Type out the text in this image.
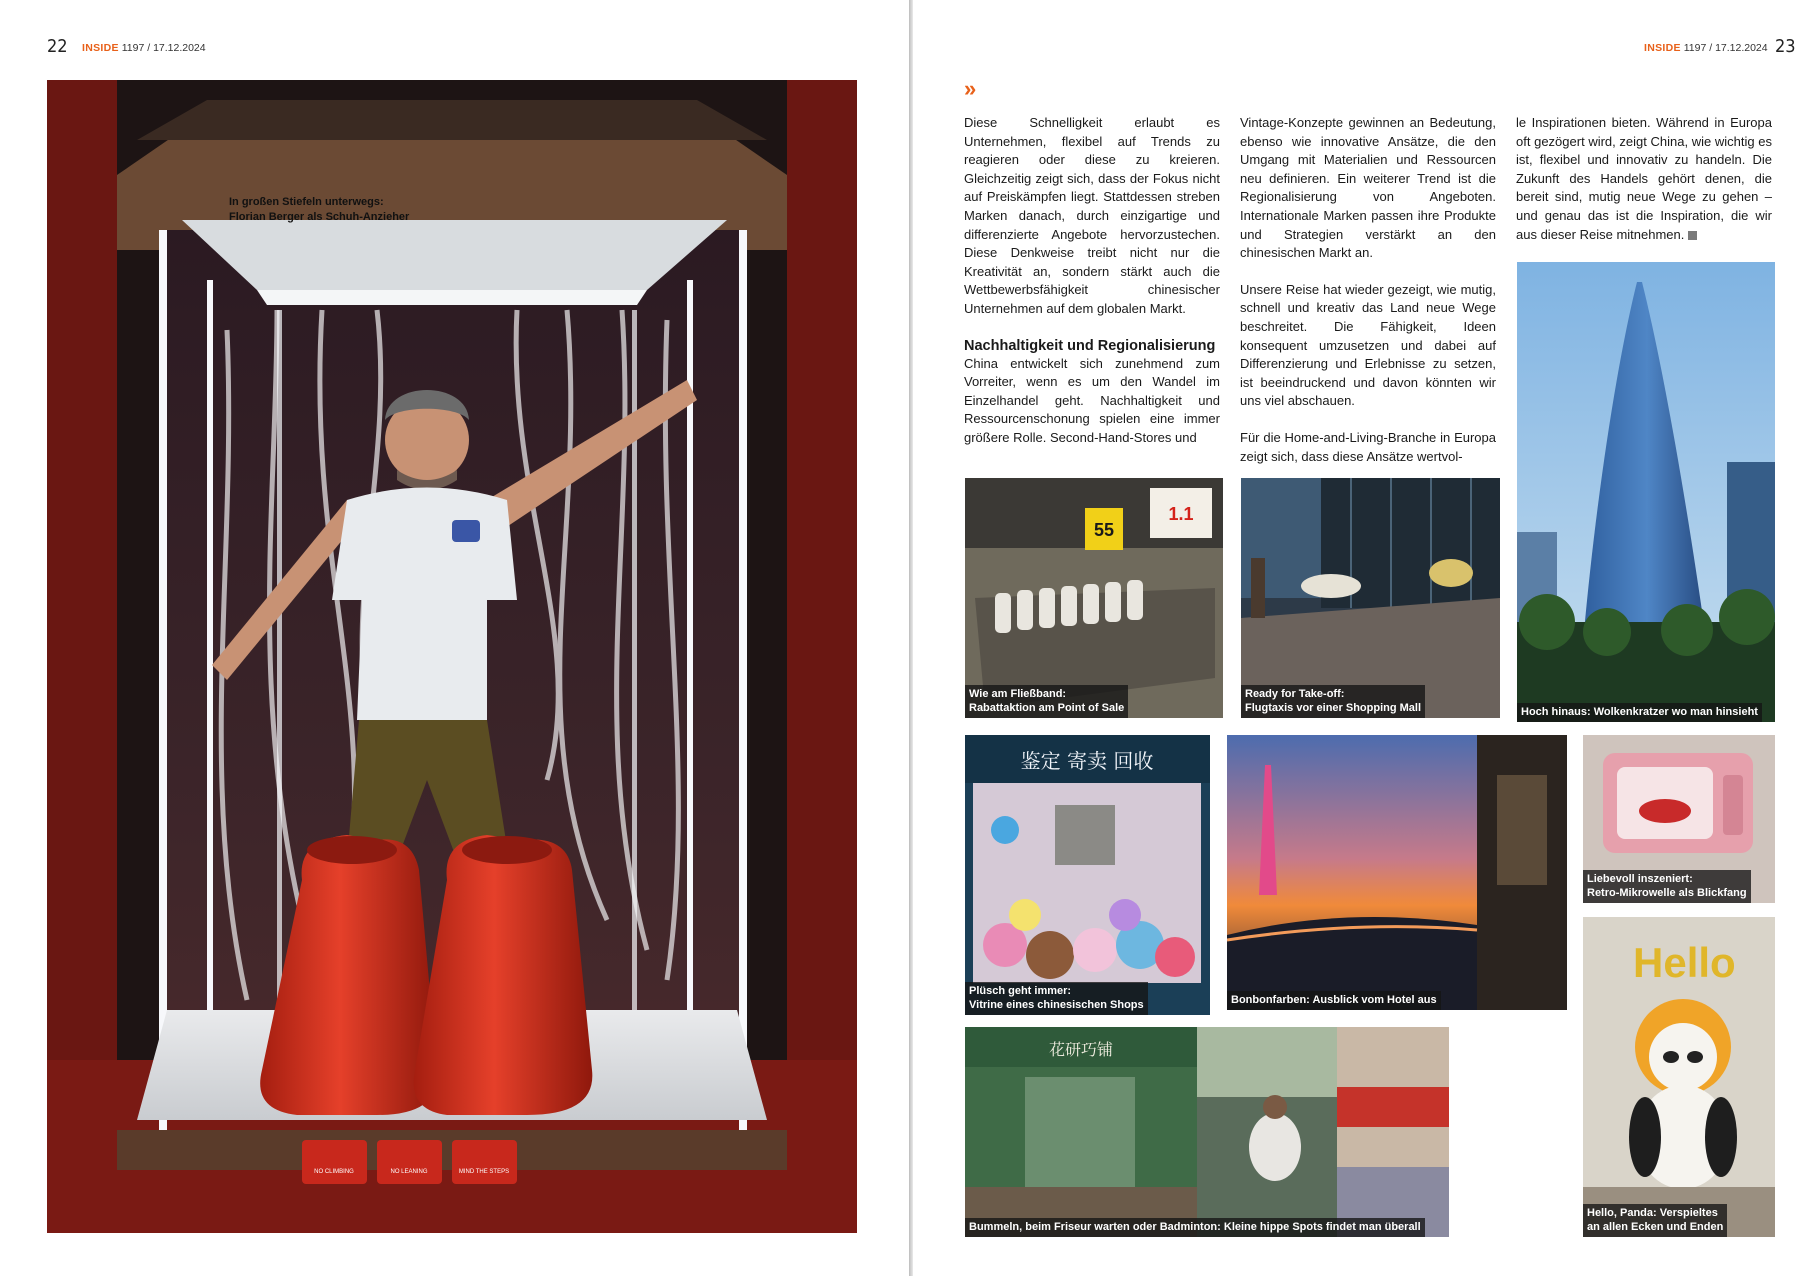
22 INSIDE 1197 / 17.12.2024
NO CLIMBING	NO LEANING	MIND THE STEPS
In großen Stiefeln unterwegs:
Florian Berger als Schuh-Anzieher
INSIDE 1197 / 17.12.2024 23
»

Diese Schnelligkeit erlaubt es Unternehmen, flexibel auf Trends zu reagieren oder diese zu kreieren. Gleichzeitig zeigt sich, dass der Fokus nicht auf Preiskämpfen liegt. Stattdessen streben Marken danach, durch einzigartige und differenzierte Angebote hervorzustechen. Diese Denkweise treibt nicht nur die Kreativität an, sondern stärkt auch die Wettbewerbsfähigkeit chinesischer Unternehmen auf dem globalen Markt.

Nachhaltigkeit und Regionalisierung

China entwickelt sich zunehmend zum Vorreiter, wenn es um den Wandel im Einzelhandel geht. Nachhaltigkeit und Ressourcenschonung spielen eine immer größere Rolle. Second-Hand-Stores und

Vintage-Konzepte gewinnen an Bedeutung, ebenso wie innovative Ansätze, die den Umgang mit Materialien und Ressourcen neu definieren. Ein weiterer Trend ist die Regionalisierung von Angeboten. Internationale Marken passen ihre Produkte und Strategien verstärkt an den chinesischen Markt an.

Unsere Reise hat wieder gezeigt, wie mutig, schnell und kreativ das Land neue Wege beschreitet. Die Fähigkeit, Ideen konsequent umzusetzen und dabei auf Differenzierung und Erlebnisse zu setzen, ist beeindruckend und davon könnten wir uns viel abschauen.

Für die Home-and-Living-Branche in Europa zeigt sich, dass diese Ansätze wertvol-

le Inspirationen bieten. Während in Europa oft gezögert wird, zeigt China, wie wichtig es ist, flexibel und innovativ zu handeln. Die Zukunft des Handels gehört denen, die bereit sind, mutig neue Wege zu gehen – und genau das ist die Inspiration, die wir aus dieser Reise mitnehmen.

55
1.1
Wie am Fließband:
Rabattaktion am Point of Sale
Ready for Take-off:
Flugtaxis vor einer Shopping Mall	Hoch hinaus: Wolkenkratzer wo man hinsieht
鉴定 寄卖 回收
Plüsch geht immer:
Vitrine eines chinesischen Shops	Bonbonfarben: Ausblick vom Hotel aus
Liebevoll inszeniert:
Retro-Mikrowelle als Blickfang
花研巧铺
Bummeln, beim Friseur warten oder Badminton: Kleine hippe Spots findet man überall
Hello
Hello, Panda: Verspieltes
an allen Ecken und Enden
